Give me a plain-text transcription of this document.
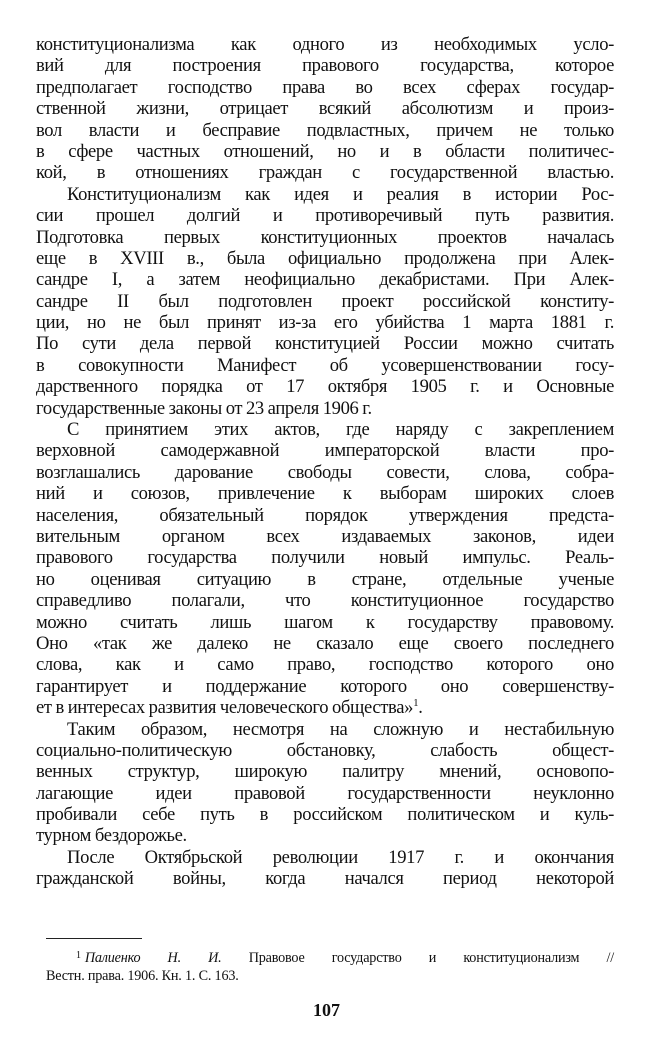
конституционализма как одного из необходимых усло-
вий для построения правового государства, которое
предполагает господство права во всех сферах государ-
ственной жизни, отрицает всякий абсолютизм и произ-
вол власти и бесправие подвластных, причем не только
в сфере частных отношений, но и в области политичес-
кой, в отношениях граждан с государственной властью.
Конституционализм как идея и реалия в истории Рос-
сии прошел долгий и противоречивый путь развития.
Подготовка первых конституционных проектов началась
еще в XVIII в., была официально продолжена при Алек-
сандре I, а затем неофициально декабристами. При Алек-
сандре II был подготовлен проект российской конститу-
ции, но не был принят из-за его убийства 1 марта 1881 г.
По сути дела первой конституцией России можно считать
в совокупности Манифест об усовершенствовании госу-
дарственного порядка от 17 октября 1905 г. и Основные
государственные законы от 23 апреля 1906 г.
С принятием этих актов, где наряду с закреплением
верховной самодержавной императорской власти про-
возглашались дарование свободы совести, слова, собра-
ний и союзов, привлечение к выборам широких слоев
населения, обязательный порядок утверждения предста-
вительным органом всех издаваемых законов, идеи
правового государства получили новый импульс. Реаль-
но оценивая ситуацию в стране, отдельные ученые
справедливо полагали, что конституционное государство
можно считать лишь шагом к государству правовому.
Оно «так же далеко не сказало еще своего последнего
слова, как и само право, господство которого оно
гарантирует и поддержание которого оно совершенству-
ет в интересах развития человеческого общества»$^1$.
Таким образом, несмотря на сложную и нестабильную
социально-политическую обстановку, слабость общест-
венных структур, широкую палитру мнений, основопо-
лагающие идеи правовой государственности неуклонно
пробивали себе путь в российском политическом и куль-
турном бездорожье.
После Октябрьской революции 1917 г. и окончания
гражданской войны, когда начался период некоторой
$^1$ Палиенко Н. И. Правовое государство и конституционализм //
Вестн. права. 1906. Кн. 1. С. 163.
107
